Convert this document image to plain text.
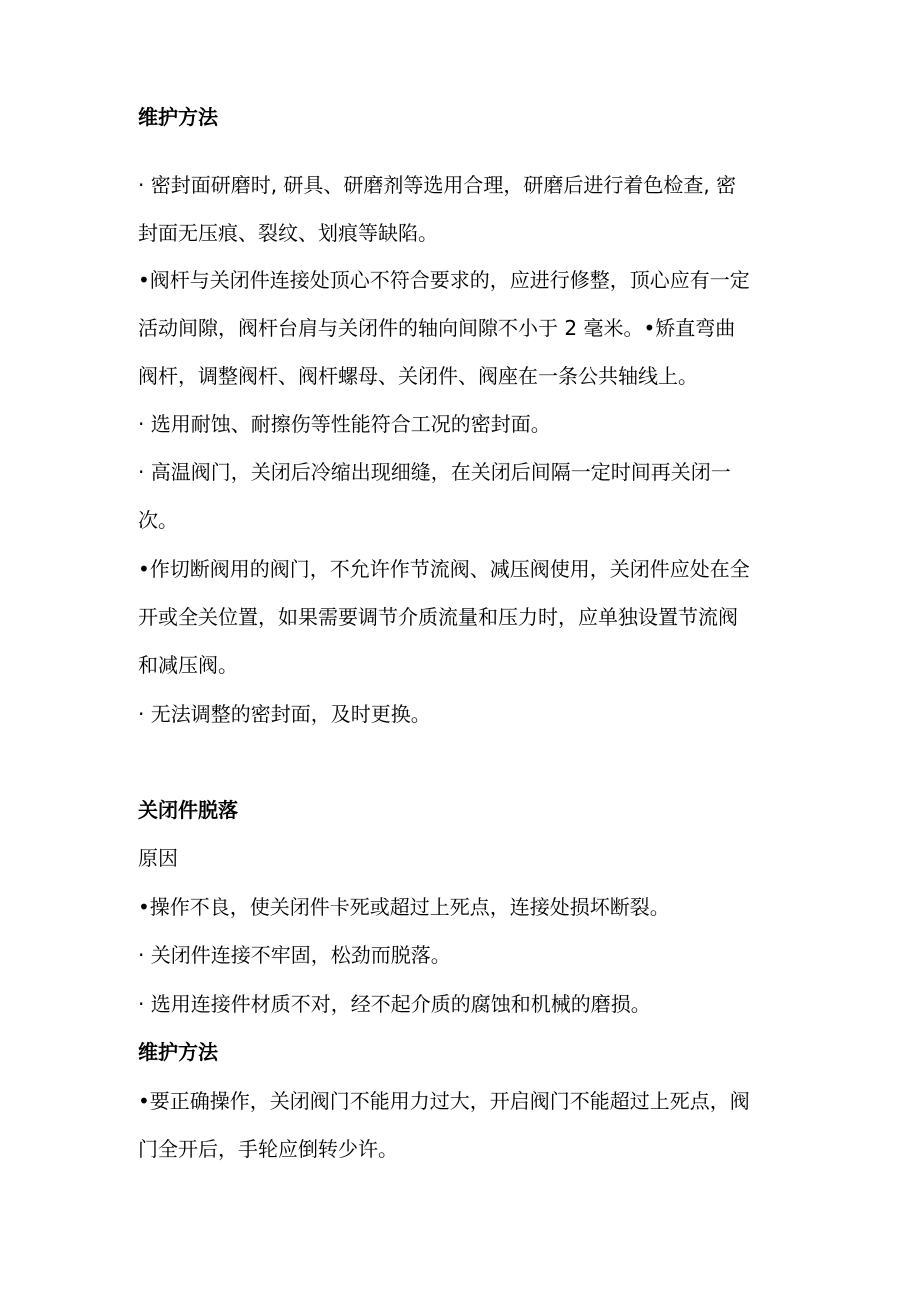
维护方法
· 密封面研磨时, 研具、研磨剂等选用合理，研磨后进行着色检查, 密
封面无压痕、裂纹、划痕等缺陷。
•阀杆与关闭件连接处顶心不符合要求的，应进行修整，顶心应有一定
活动间隙，阀杆台肩与关闭件的轴向间隙不小于 2 毫米。•矫直弯曲
阀杆，调整阀杆、阀杆螺母、关闭件、阀座在一条公共轴线上。
· 选用耐蚀、耐擦伤等性能符合工况的密封面。
· 高温阀门，关闭后冷缩出现细缝，在关闭后间隔一定时间再关闭一
次。
•作切断阀用的阀门，不允许作节流阀、减压阀使用，关闭件应处在全
开或全关位置，如果需要调节介质流量和压力时，应单独设置节流阀
和减压阀。
· 无法调整的密封面，及时更换。
关闭件脱落
原因
•操作不良，使关闭件卡死或超过上死点，连接处损坏断裂。
· 关闭件连接不牢固，松劲而脱落。
· 选用连接件材质不对，经不起介质的腐蚀和机械的磨损。
维护方法
•要正确操作，关闭阀门不能用力过大，开启阀门不能超过上死点，阀
门全开后，手轮应倒转少许。
